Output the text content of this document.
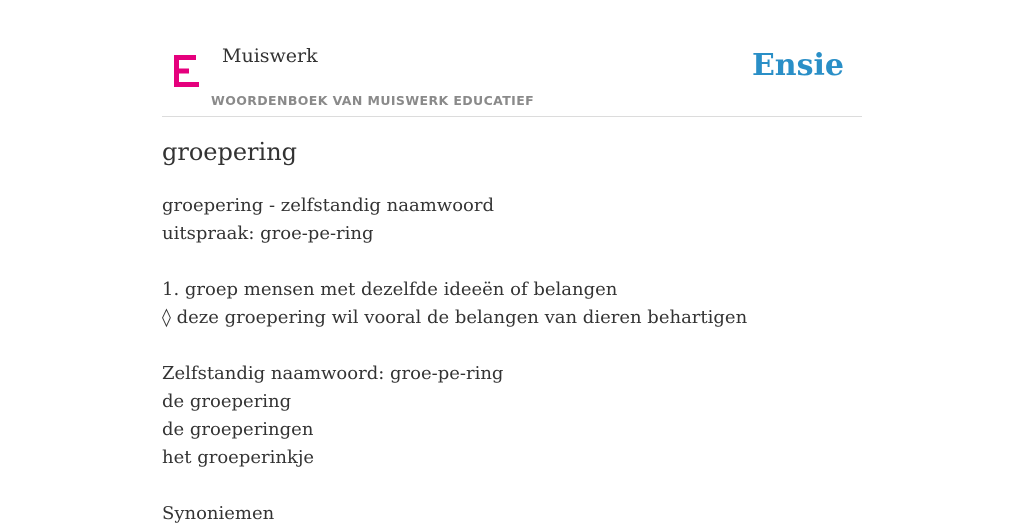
Muiswerk
WOORDENBOEK VAN MUISWERK EDUCATIEF
Ensie
groepering
groepering - zelfstandig naamwoord
uitspraak: groe-pe-ring
1. groep mensen met dezelfde ideeën of belangen
◊ deze groepering wil vooral de belangen van dieren behartigen
Zelfstandig naamwoord: groe-pe-ring
de groepering
de groeperingen
het groeperinkje
Synoniemen
